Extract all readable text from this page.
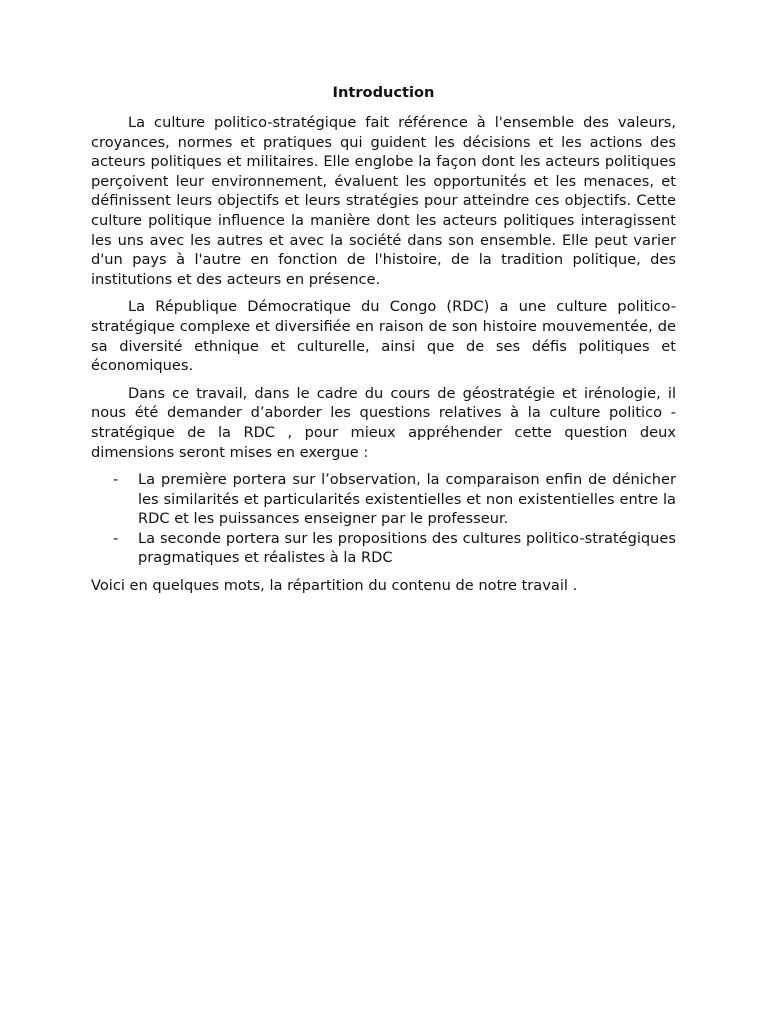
Introduction

La culture politico-stratégique fait référence à l'ensemble des valeurs, croyances, normes et pratiques qui guident les décisions et les actions des acteurs politiques et militaires. Elle englobe la façon dont les acteurs politiques perçoivent leur environnement, évaluent les opportunités et les menaces, et définissent leurs objectifs et leurs stratégies pour atteindre ces objectifs. Cette culture politique influence la manière dont les acteurs politiques interagissent les uns avec les autres et avec la société dans son ensemble. Elle peut varier d'un pays à l'autre en fonction de l'histoire, de la tradition politique, des institutions et des acteurs en présence.

La République Démocratique du Congo (RDC) a une culture politico-stratégique complexe et diversifiée en raison de son histoire mouvementée, de sa diversité ethnique et culturelle, ainsi que de ses défis politiques et économiques.

Dans ce travail, dans le cadre du cours de géostratégie et irénologie, il nous été demander d’aborder les questions relatives à la culture politico -stratégique de la RDC , pour mieux appréhender cette question deux dimensions seront mises en exergue :

- La première portera sur l’observation, la comparaison enfin de dénicher les similarités et particularités existentielles et non existentielles entre la RDC et les puissances enseigner par le professeur.
- La seconde portera sur les propositions des cultures politico-stratégiques pragmatiques et réalistes à la RDC

Voici en quelques mots, la répartition du contenu de notre travail .
